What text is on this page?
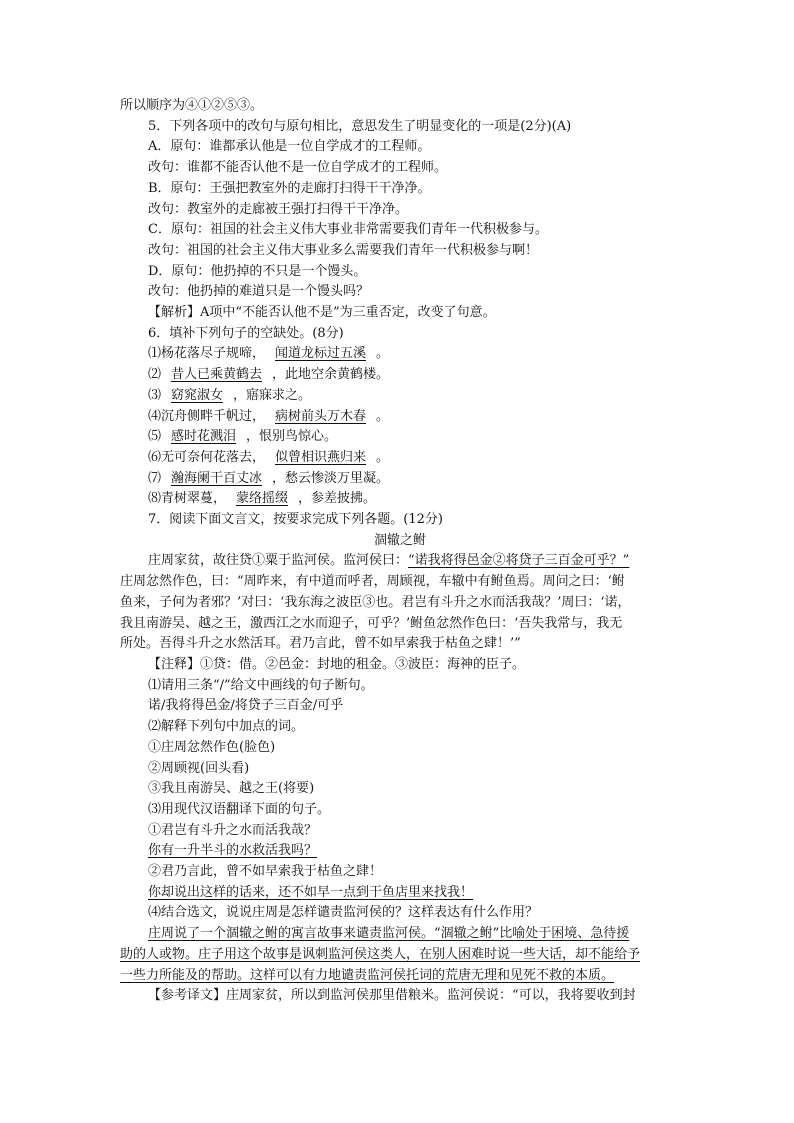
所以顺序为④①②⑤③。
5．下列各项中的改句与原句相比，意思发生了明显变化的一项是(2分)(A)
A．原句：谁都承认他是一位自学成才的工程师。
改句：谁都不能否认他不是一位自学成才的工程师。
B．原句：王强把教室外的走廊打扫得干干净净。
改句：教室外的走廊被王强打扫得干干净净。
C．原句：祖国的社会主义伟大事业非常需要我们青年一代积极参与。
改句：祖国的社会主义伟大事业多么需要我们青年一代积极参与啊！
D．原句：他扔掉的不只是一个馒头。
改句：他扔掉的难道只是一个馒头吗？
【解析】A项中“不能否认他不是”为三重否定，改变了句意。
6．填补下列句子的空缺处。(8分)
⑴杨花落尽子规啼， 闻道龙标过五溪 。
⑵ 昔人已乘黄鹤去 ，此地空余黄鹤楼。
⑶ 窈窕淑女 ，寤寐求之。
⑷沉舟侧畔千帆过， 病树前头万木春 。
⑸ 感时花溅泪 ，恨别鸟惊心。
⑹无可奈何花落去， 似曾相识燕归来 。
⑺ 瀚海阑干百丈冰 ，愁云惨淡万里凝。
⑻青树翠蔓， 蒙络摇缀 ，参差披拂。
7．阅读下面文言文，按要求完成下列各题。(12分)
涸辙之鲋
庄周家贫，故往贷①粟于监河侯。监河侯曰：“诺我将得邑金②将贷子三百金可乎？”
庄周忿然作色，曰：“周昨来，有中道而呼者，周顾视，车辙中有鲋鱼焉。周问之曰：‘鲋
鱼来，子何为者邪？’对曰：‘我东海之波臣③也。君岂有斗升之水而活我哉？’周曰：‘诺，
我且南游吴、越之王，激西江之水而迎子，可乎？’鲋鱼忿然作色曰：‘吾失我常与，我无
所处。吾得斗升之水然活耳。君乃言此，曾不如早索我于枯鱼之肆！’”
【注释】①贷：借。②邑金：封地的租金。③波臣：海神的臣子。
⑴请用三条“/”给文中画线的句子断句。
诺/我将得邑金/将贷子三百金/可乎
⑵解释下列句中加点的词。
①庄周忿然作色(脸色)
②周顾视(回头看)
③我且南游吴、越之王(将要)
⑶用现代汉语翻译下面的句子。
①君岂有斗升之水而活我哉？
你有一升半斗的水救活我吗？
②君乃言此，曾不如早索我于枯鱼之肆！
你却说出这样的话来，还不如早一点到干鱼店里来找我！
⑷结合选文，说说庄周是怎样谴责监河侯的？这样表达有什么作用？
庄周说了一个涸辙之鲋的寓言故事来谴责监河侯。“涸辙之鲋”比喻处于困境、急待援
助的人或物。庄子用这个故事是讽刺监河侯这类人，在别人困难时说一些大话，却不能给予
一些力所能及的帮助。这样可以有力地谴责监河侯托词的荒唐无理和见死不救的本质。
【参考译文】庄周家贫，所以到监河侯那里借粮米。监河侯说：“可以，我将要收到封
